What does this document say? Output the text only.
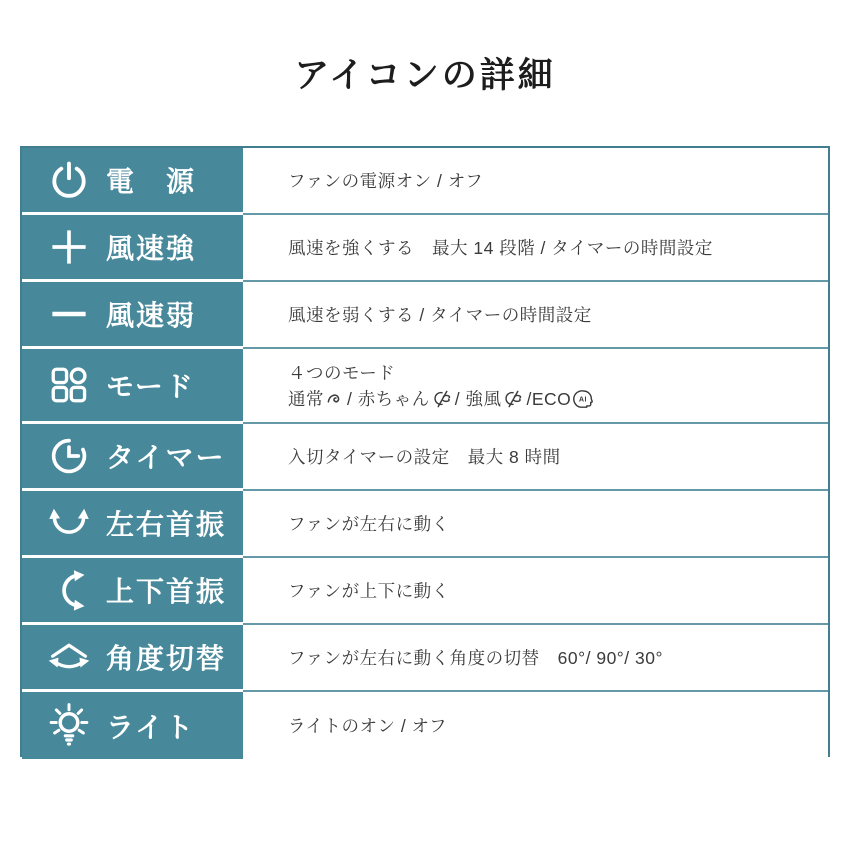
アイコンの詳細
電　源	ファンの電源オン / オフ
風速強	風速を強くする　最大 14 段階 / タイマーの時間設定
風速弱	風速を弱くする / タイマーの時間設定
モード	４つのモード
通常 / 赤ちゃん / 強風 /ECO AI
タイマー	入切タイマーの設定　最大 8 時間
左右首振	ファンが左右に動く
上下首振	ファンが上下に動く
角度切替	ファンが左右に動く角度の切替　60°/ 90°/ 30°
ライト	ライトのオン / オフ
